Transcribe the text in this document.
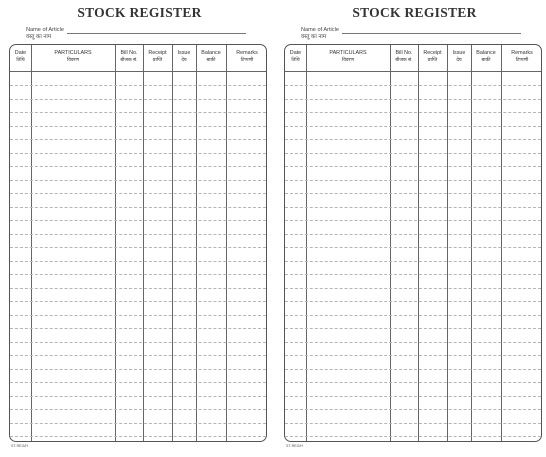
STOCK REGISTER
Name of Article
वस्तु का नाम
Date
तिथि
PARTICULARS
विवरण
Bill No.
बीजक सं.
Receipt
प्राप्ति
Issue
देय
Balance
बाकी
Remarks
टिप्पणी
ST-REG/H
STOCK REGISTER
Name of Article
वस्तु का नाम
Date
तिथि
PARTICULARS
विवरण
Bill No.
बीजक सं.
Receipt
प्राप्ति
Issue
देय
Balance
बाकी
Remarks
टिप्पणी
ST-REG/H
